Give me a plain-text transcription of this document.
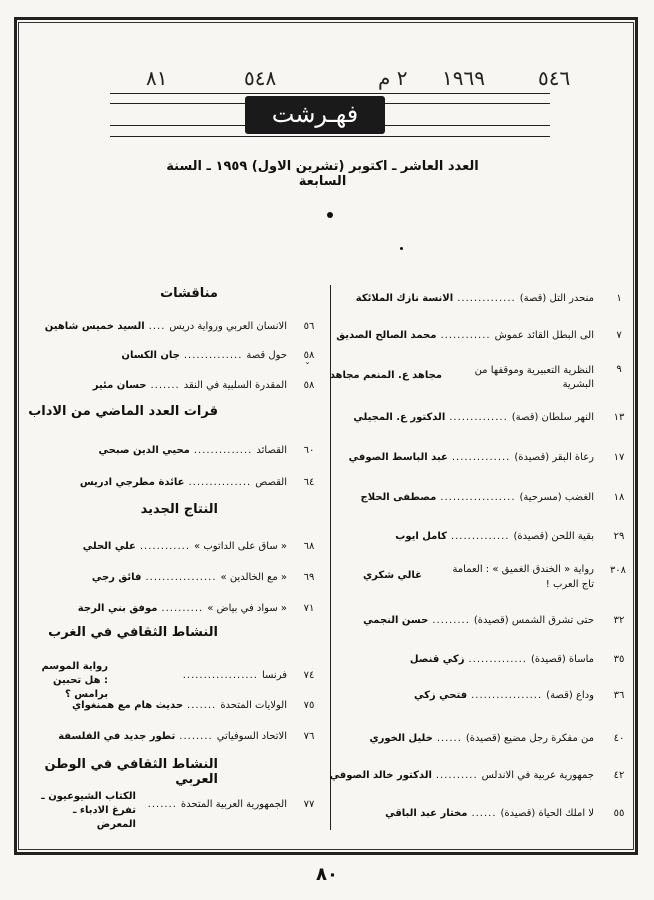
٨١	٥٤٨	٢ م ١٩٦٩	٥٤٦
فهـرشت
العدد العاشر ـ اكتوبر (تشرين الاول) ١٩٥٩ ـ السنة السابعة
ˇ
١
منحدر التل (قصة)..............الانسة نازك الملائكة
٧
الى البطل القائد عموش............محمد الصالح الصديق
٩
النظرية التعبيرية وموقفها من البشرية
مجاهد ع. المنعم مجاهد
١٣
النهر سلطان (قصة)..............الدكتور ع. المجيلي
١٧
رعاة البقر (قصيدة)..............عبد الباسط الصوفي
١٨
الغضب (مسرحية)..................مصطفى الحلاج
٢٩
بقية اللحن (قصيدة)..............كامل ايوب
٣٠٨
رواية « الخندق الغميق » : العمامة تاج العرب !
غالي شكري
٣٢
حتى تشرق الشمس (قصيدة).........حسن النجمي
٣٥
ماساة (قصيدة)..............زكي قنصل
٣٦
وداع (قصة).................فتحي زكي
٤٠
من مفكرة رجل مضيع (قصيدة)......خليل الخوري
٤٢
جمهورية عربية في الاندلس..........الدكتور خالد الصوفي
٥٥
لا املك الحياة (قصيدة)......مختار عبد الباقي
مناقشات
٥٦
الانسان العربي ورواية دريس....السيد خميس شاهين
٥٨
حول قصة..............جان الكسان
٥٨
المقدرة السلبية في النقد.......حسان مئير
قرات العدد الماضي من الاداب
٦٠
القصائد..............محيي الدين صبحي
٦٤
القصص...............عائدة مطرجي ادريس
النتاج الجديد
٦٨
« ساق على الداتوب »............علي الحلي
٦٩
« مع الخالدين ».................فائق رجي
٧١
« سواد في بياض »..........موفق بني الرجة
النشاط الثقافي في الغرب
٧٤
فرنسا..................
رواية الموسم : هل تحبين برامس ؟
٧٥
الولايات المتحدة.......حديث هام مع همنغواي
٧٦
الاتحاد السوفياتي........تطور جديد في الفلسفة
النشاط الثقافي في الوطن العربي
٧٧
الجمهورية العربية المتحدة.......
الكتاب الشيوعيون ـ تفرغ الادباء ـ المعرض
٨٠
